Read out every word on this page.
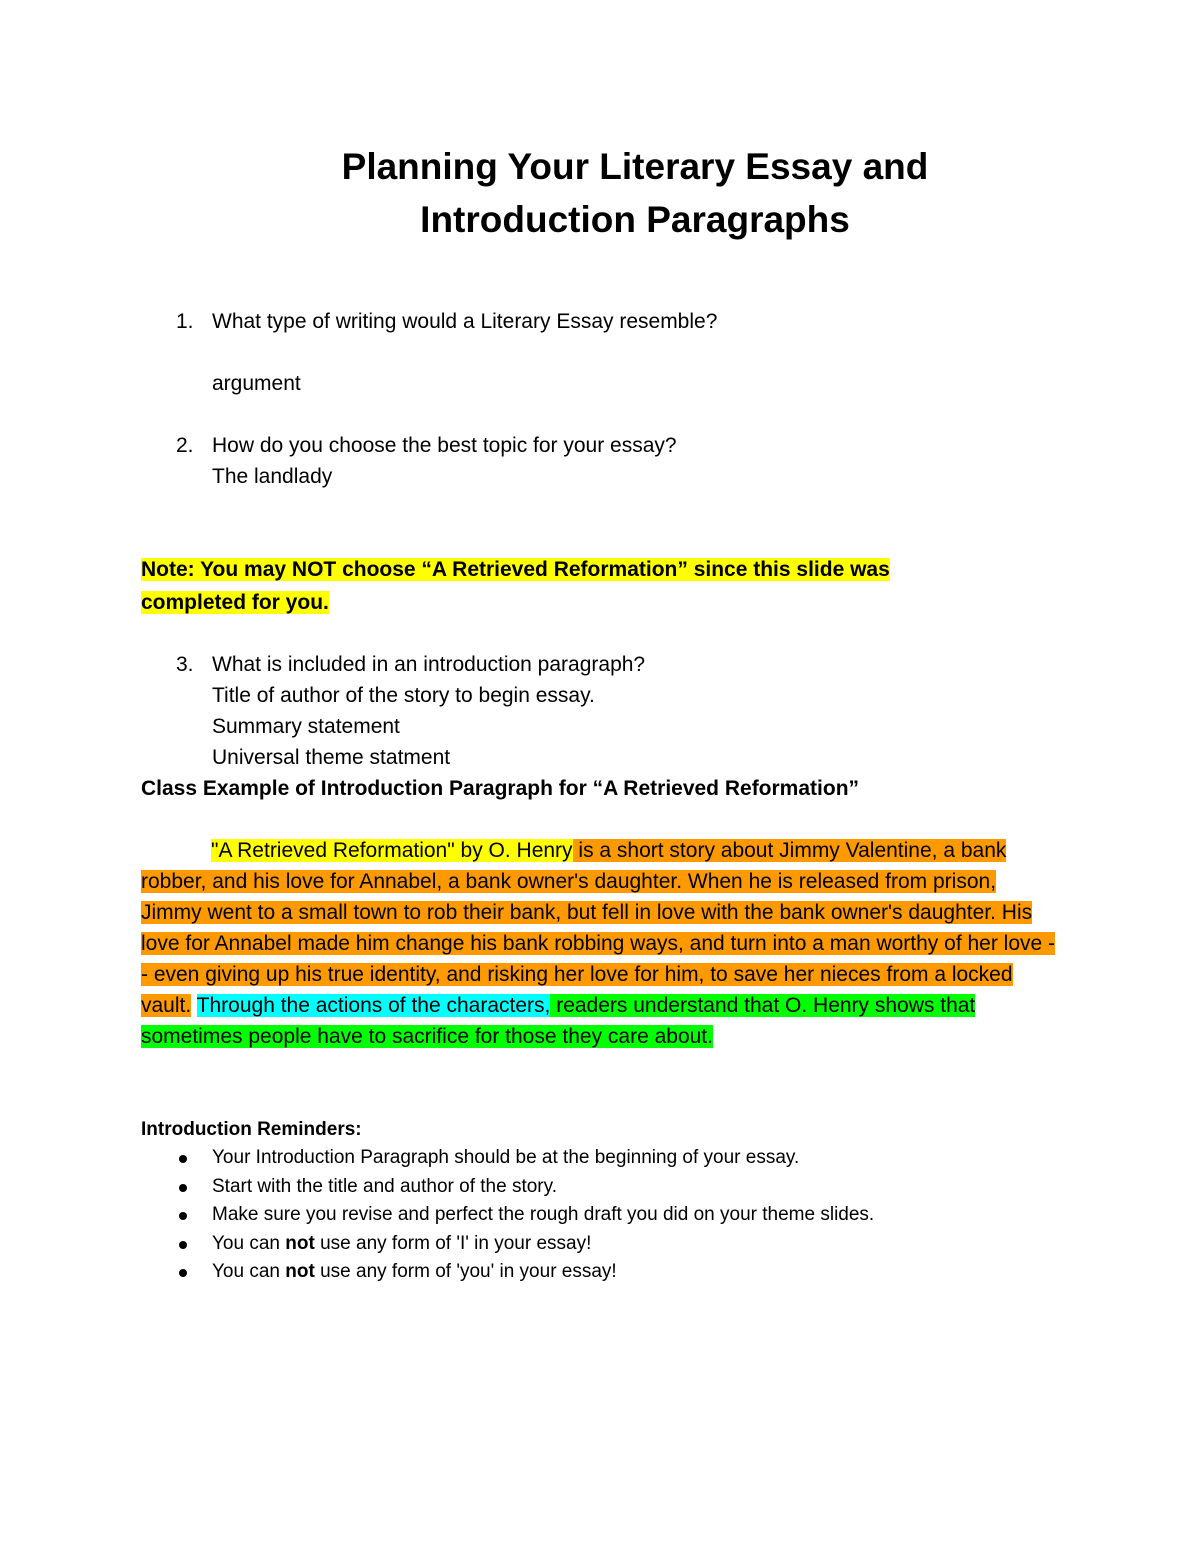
Planning Your Literary Essay and
Introduction Paragraphs
1. What type of writing would a Literary Essay resemble?
argument
2. How do you choose the best topic for your essay?
The landlady
Note: You may NOT choose “A Retrieved Reformation” since this slide was
completed for you.
3. What is included in an introduction paragraph?
Title of author of the story to begin essay.
Summary statement
Universal theme statment
Class Example of Introduction Paragraph for “A Retrieved Reformation”
"A Retrieved Reformation" by O. Henry is a short story about Jimmy Valentine, a bank robber, and his love for Annabel, a bank owner's daughter. When he is released from prison, Jimmy went to a small town to rob their bank, but fell in love with the bank owner's daughter. His love for Annabel made him change his bank robbing ways, and turn into a man worthy of her love -- even giving up his true identity, and risking her love for him, to save her nieces from a locked vault. Through the actions of the characters, readers understand that O. Henry shows that sometimes people have to sacrifice for those they care about.
Introduction Reminders:
Your Introduction Paragraph should be at the beginning of your essay.
Start with the title and author of the story.
Make sure you revise and perfect the rough draft you did on your theme slides.
You can not use any form of 'I' in your essay!
You can not use any form of 'you' in your essay!
